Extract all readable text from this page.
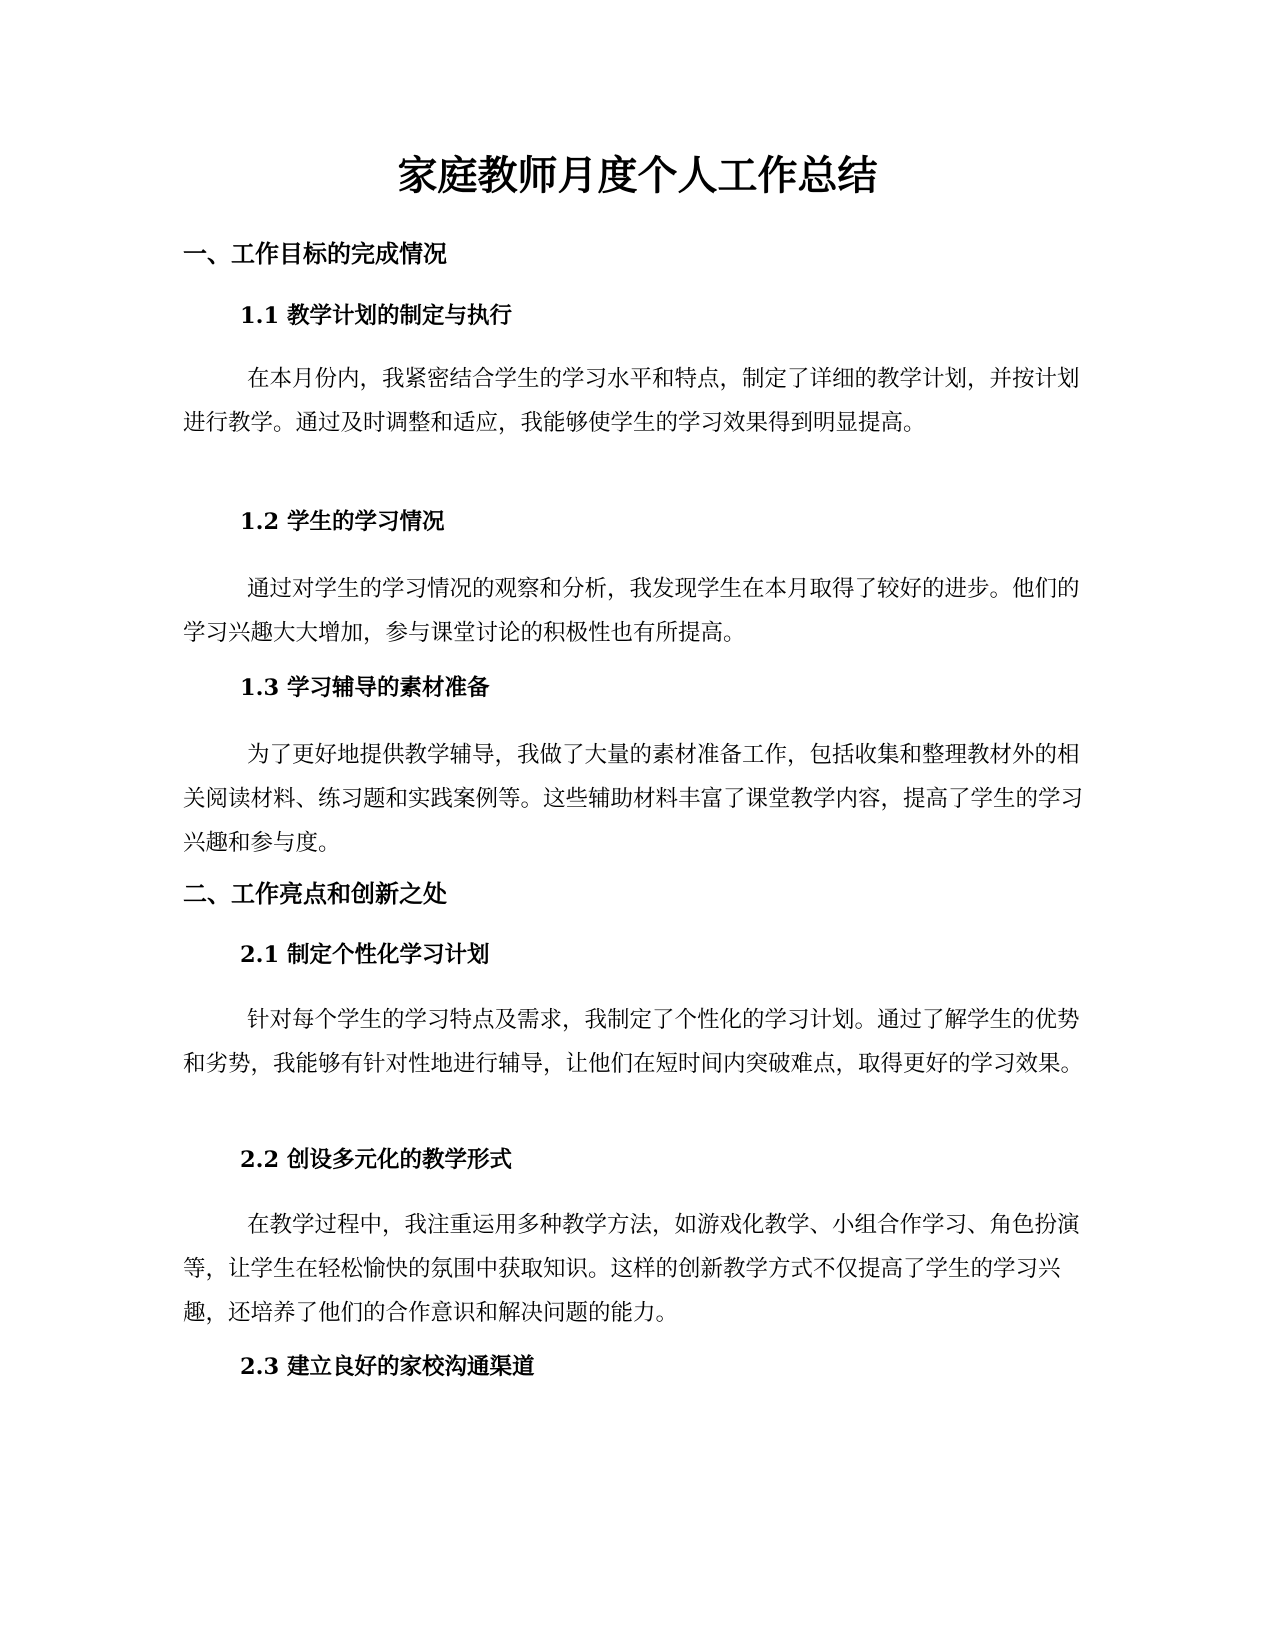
家庭教师月度个人工作总结
一、工作目标的完成情况
1.1 教学计划的制定与执行

在本月份内，我紧密结合学生的学习水平和特点，制定了详细的教学计划，并按计划进行教学。通过及时调整和适应，我能够使学生的学习效果得到明显提高。

1.2 学生的学习情况

通过对学生的学习情况的观察和分析，我发现学生在本月取得了较好的进步。他们的学习兴趣大大增加，参与课堂讨论的积极性也有所提高。

1.3 学习辅导的素材准备

为了更好地提供教学辅导，我做了大量的素材准备工作，包括收集和整理教材外的相关阅读材料、练习题和实践案例等。这些辅助材料丰富了课堂教学内容，提高了学生的学习兴趣和参与度。

二、工作亮点和创新之处
2.1 制定个性化学习计划

针对每个学生的学习特点及需求，我制定了个性化的学习计划。通过了解学生的优势和劣势，我能够有针对性地进行辅导，让他们在短时间内突破难点，取得更好的学习效果。

2.2 创设多元化的教学形式

在教学过程中，我注重运用多种教学方法，如游戏化教学、小组合作学习、角色扮演等，让学生在轻松愉快的氛围中获取知识。这样的创新教学方式不仅提高了学生的学习兴趣，还培养了他们的合作意识和解决问题的能力。

2.3 建立良好的家校沟通渠道
